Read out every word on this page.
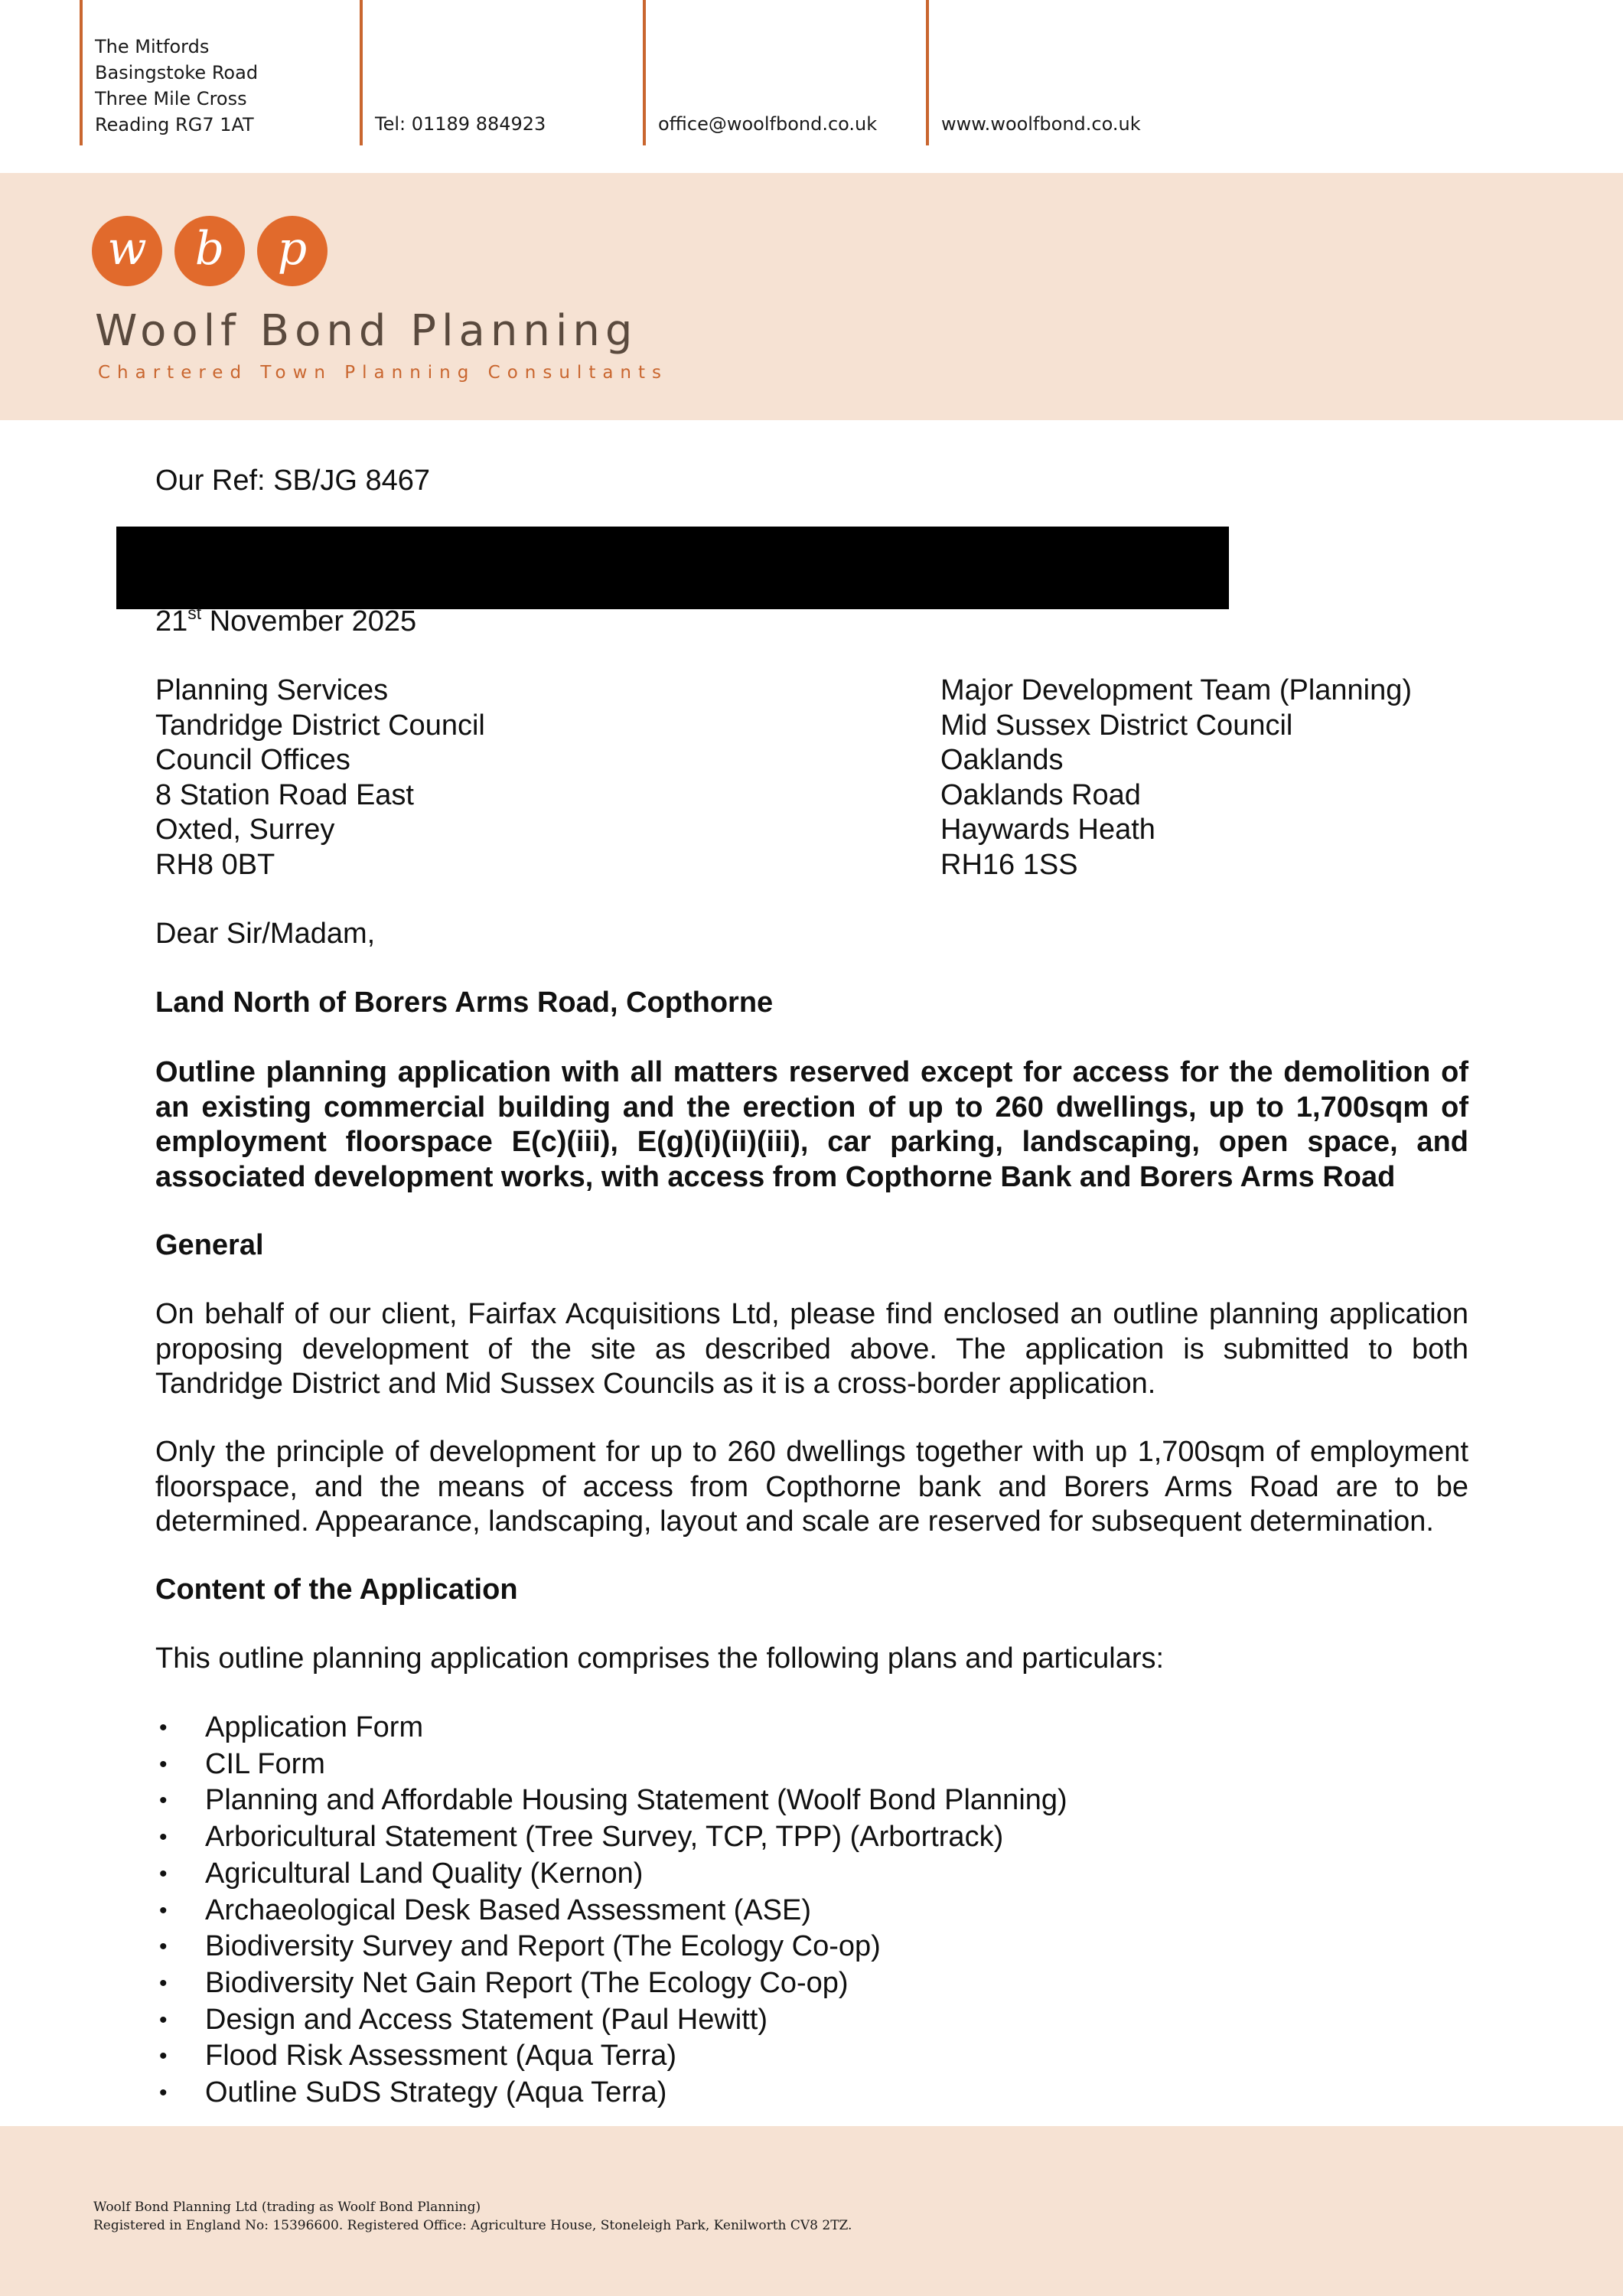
The Mitfords
Basingstoke Road
Three Mile Cross
Reading RG7 1AT	Tel: 01189 884923	office@woolfbond.co.uk	www.woolfbond.co.uk
w	b	p
Woolf Bond Planning
Chartered Town Planning Consultants
Our Ref: SB/JG 8467
21st November 2025
Planning Services
Tandridge District Council
Council Offices
8 Station Road East
Oxted, Surrey
RH8 0BT
Major Development Team (Planning)
Mid Sussex District Council
Oaklands
Oaklands Road
Haywards Heath
RH16 1SS
Dear Sir/Madam,
Land North of Borers Arms Road, Copthorne
Outline planning application with all matters reserved except for access for the demolition of
an existing commercial building and the erection of up to 260 dwellings, up to 1,700sqm of
employment floorspace E(c)(iii), E(g)(i)(ii)(iii), car parking, landscaping, open space, and
associated development works, with access from Copthorne Bank and Borers Arms Road
General
On behalf of our client, Fairfax Acquisitions Ltd, please find enclosed an outline planning application
proposing development of the site as described above. The application is submitted to both
Tandridge District and Mid Sussex Councils as it is a cross-border application.
Only the principle of development for up to 260 dwellings together with up 1,700sqm of employment
floorspace, and the means of access from Copthorne bank and Borers Arms Road are to be
determined. Appearance, landscaping, layout and scale are reserved for subsequent determination.
Content of the Application
This outline planning application comprises the following plans and particulars:
• Application Form
• CIL Form
• Planning and Affordable Housing Statement (Woolf Bond Planning)
• Arboricultural Statement (Tree Survey, TCP, TPP) (Arbortrack)
• Agricultural Land Quality (Kernon)
• Archaeological Desk Based Assessment (ASE)
• Biodiversity Survey and Report (The Ecology Co-op)
• Biodiversity Net Gain Report (The Ecology Co-op)
• Design and Access Statement (Paul Hewitt)
• Flood Risk Assessment (Aqua Terra)
• Outline SuDS Strategy (Aqua Terra)
Woolf Bond Planning Ltd (trading as Woolf Bond Planning)
Registered in England No: 15396600. Registered Office: Agriculture House, Stoneleigh Park, Kenilworth CV8 2TZ.
